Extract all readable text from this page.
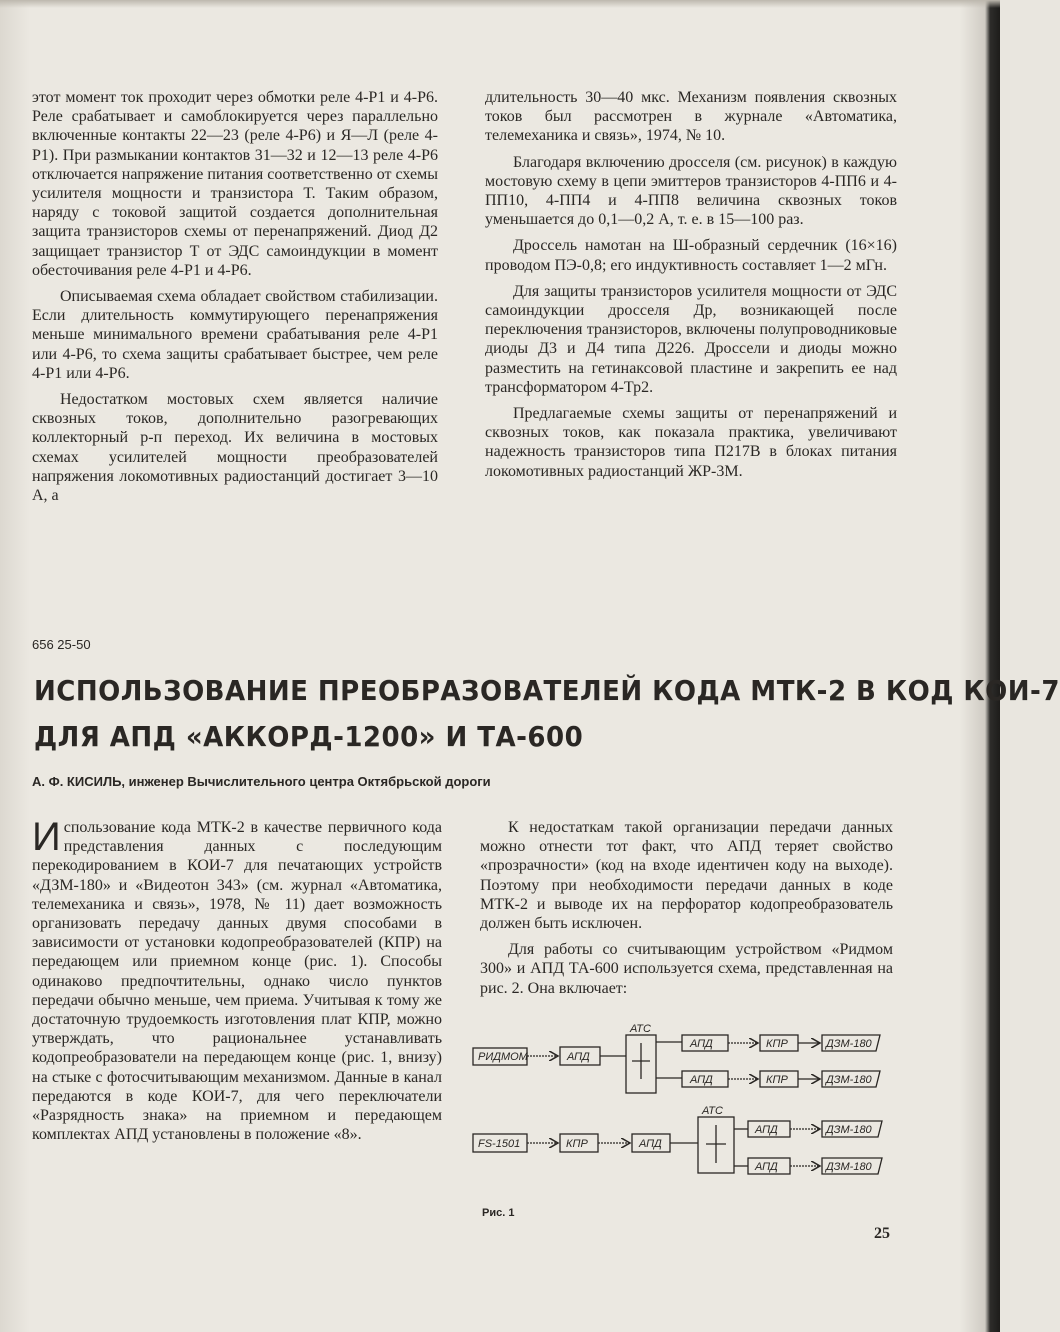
этот момент ток проходит через обмотки реле 4-Р1 и 4-Р6. Реле срабатывает и самоблокируется через параллельно включенные контакты 22—23 (реле 4-Р6) и Я—Л (реле 4-Р1). При размыкании контактов 31—32 и 12—13 реле 4-Р6 отключается напряжение питания соответственно от схемы усилителя мощности и транзистора Т. Таким образом, наряду с токовой защитой создается дополнительная защита транзисторов схемы от перенапряжений. Диод Д2 защищает транзистор Т от ЭДС самоиндукции в момент обесточивания реле 4-Р1 и 4-Р6.

Описываемая схема обладает свойством стабилизации. Если длительность коммутирующего перенапряжения меньше минимального времени срабатывания реле 4-Р1 или 4-Р6, то схема защиты срабатывает быстрее, чем реле 4-Р1 или 4-Р6.

Недостатком мостовых схем является наличие сквозных токов, дополнительно разогревающих коллекторный р-п переход. Их величина в мостовых схемах усилителей мощности преобразователей напряжения локомотивных радиостанций достигает 3—10 А, а

длительность 30—40 мкс. Механизм появления сквозных токов был рассмотрен в журнале «Автоматика, телемеханика и связь», 1974, № 10.

Благодаря включению дросселя (см. рисунок) в каждую мостовую схему в цепи эмиттеров транзисторов 4-ПП6 и 4-ПП10, 4-ПП4 и 4-ПП8 величина сквозных токов уменьшается до 0,1—0,2 А, т. е. в 15—100 раз.

Дроссель намотан на Ш-образный сердечник (16×16) проводом ПЭ-0,8; его индуктивность составляет 1—2 мГн.

Для защиты транзисторов усилителя мощности от ЭДС самоиндукции дросселя Др, возникающей после переключения транзисторов, включены полупроводниковые диоды Д3 и Д4 типа Д226. Дроссели и диоды можно разместить на гетинаксовой пластине и закрепить ее над трансформатором 4-Тр2.

Предлагаемые схемы защиты от перенапряжений и сквозных токов, как показала практика, увеличивают надежность транзисторов типа П217В в блоках питания локомотивных радиостанций ЖР-3М.

656 25-50
ИСПОЛЬЗОВАНИЕ ПРЕОБРАЗОВАТЕЛЕЙ КОДА МТК-2 В КОД КОИ-7
ДЛЯ АПД «АККОРД-1200» И ТА-600
А. Ф. КИСИЛЬ, инженер Вычислительного центра Октябрьской дороги

Использование кода МТК-2 в качестве первичного кода представления данных с последующим перекодированием в КОИ-7 для печатающих устройств «ДЗМ-180» и «Видеотон 343» (см. журнал «Автоматика, телемеханика и связь», 1978, № 11) дает возможность организовать передачу данных двумя способами в зависимости от установки кодопреобразователей (КПР) на передающем или приемном конце (рис. 1). Способы одинаково предпочтительны, однако число пунктов передачи обычно меньше, чем приема. Учитывая к тому же достаточную трудоемкость изготовления плат КПР, можно утверждать, что рациональнее устанавливать кодопреобразователи на передающем конце (рис. 1, внизу) на стыке с фотосчитывающим механизмом. Данные в канал передаются в коде КОИ-7, для чего переключатели «Разрядность знака» на приемном и передающем комплектах АПД установлены в положение «8».

К недостаткам такой организации передачи данных можно отнести тот факт, что АПД теряет свойство «прозрачности» (код на входе идентичен коду на выходе). Поэтому при необходимости передачи данных в коде МТК-2 и выводе их на перфоратор кодопреобразователь должен быть исключен.

Для работы со считывающим устройством «Ридмом 300» и АПД ТА-600 используется схема, представленная на рис. 2. Она включает:

РИДМОМ	АПД
АТС
АПД	КПР	ДЗМ-180
АПД	КПР	ДЗМ-180
FS-1501	КПР	АПД
АТС
АПД	ДЗМ-180
АПД	ДЗМ-180
Рис. 1
25
